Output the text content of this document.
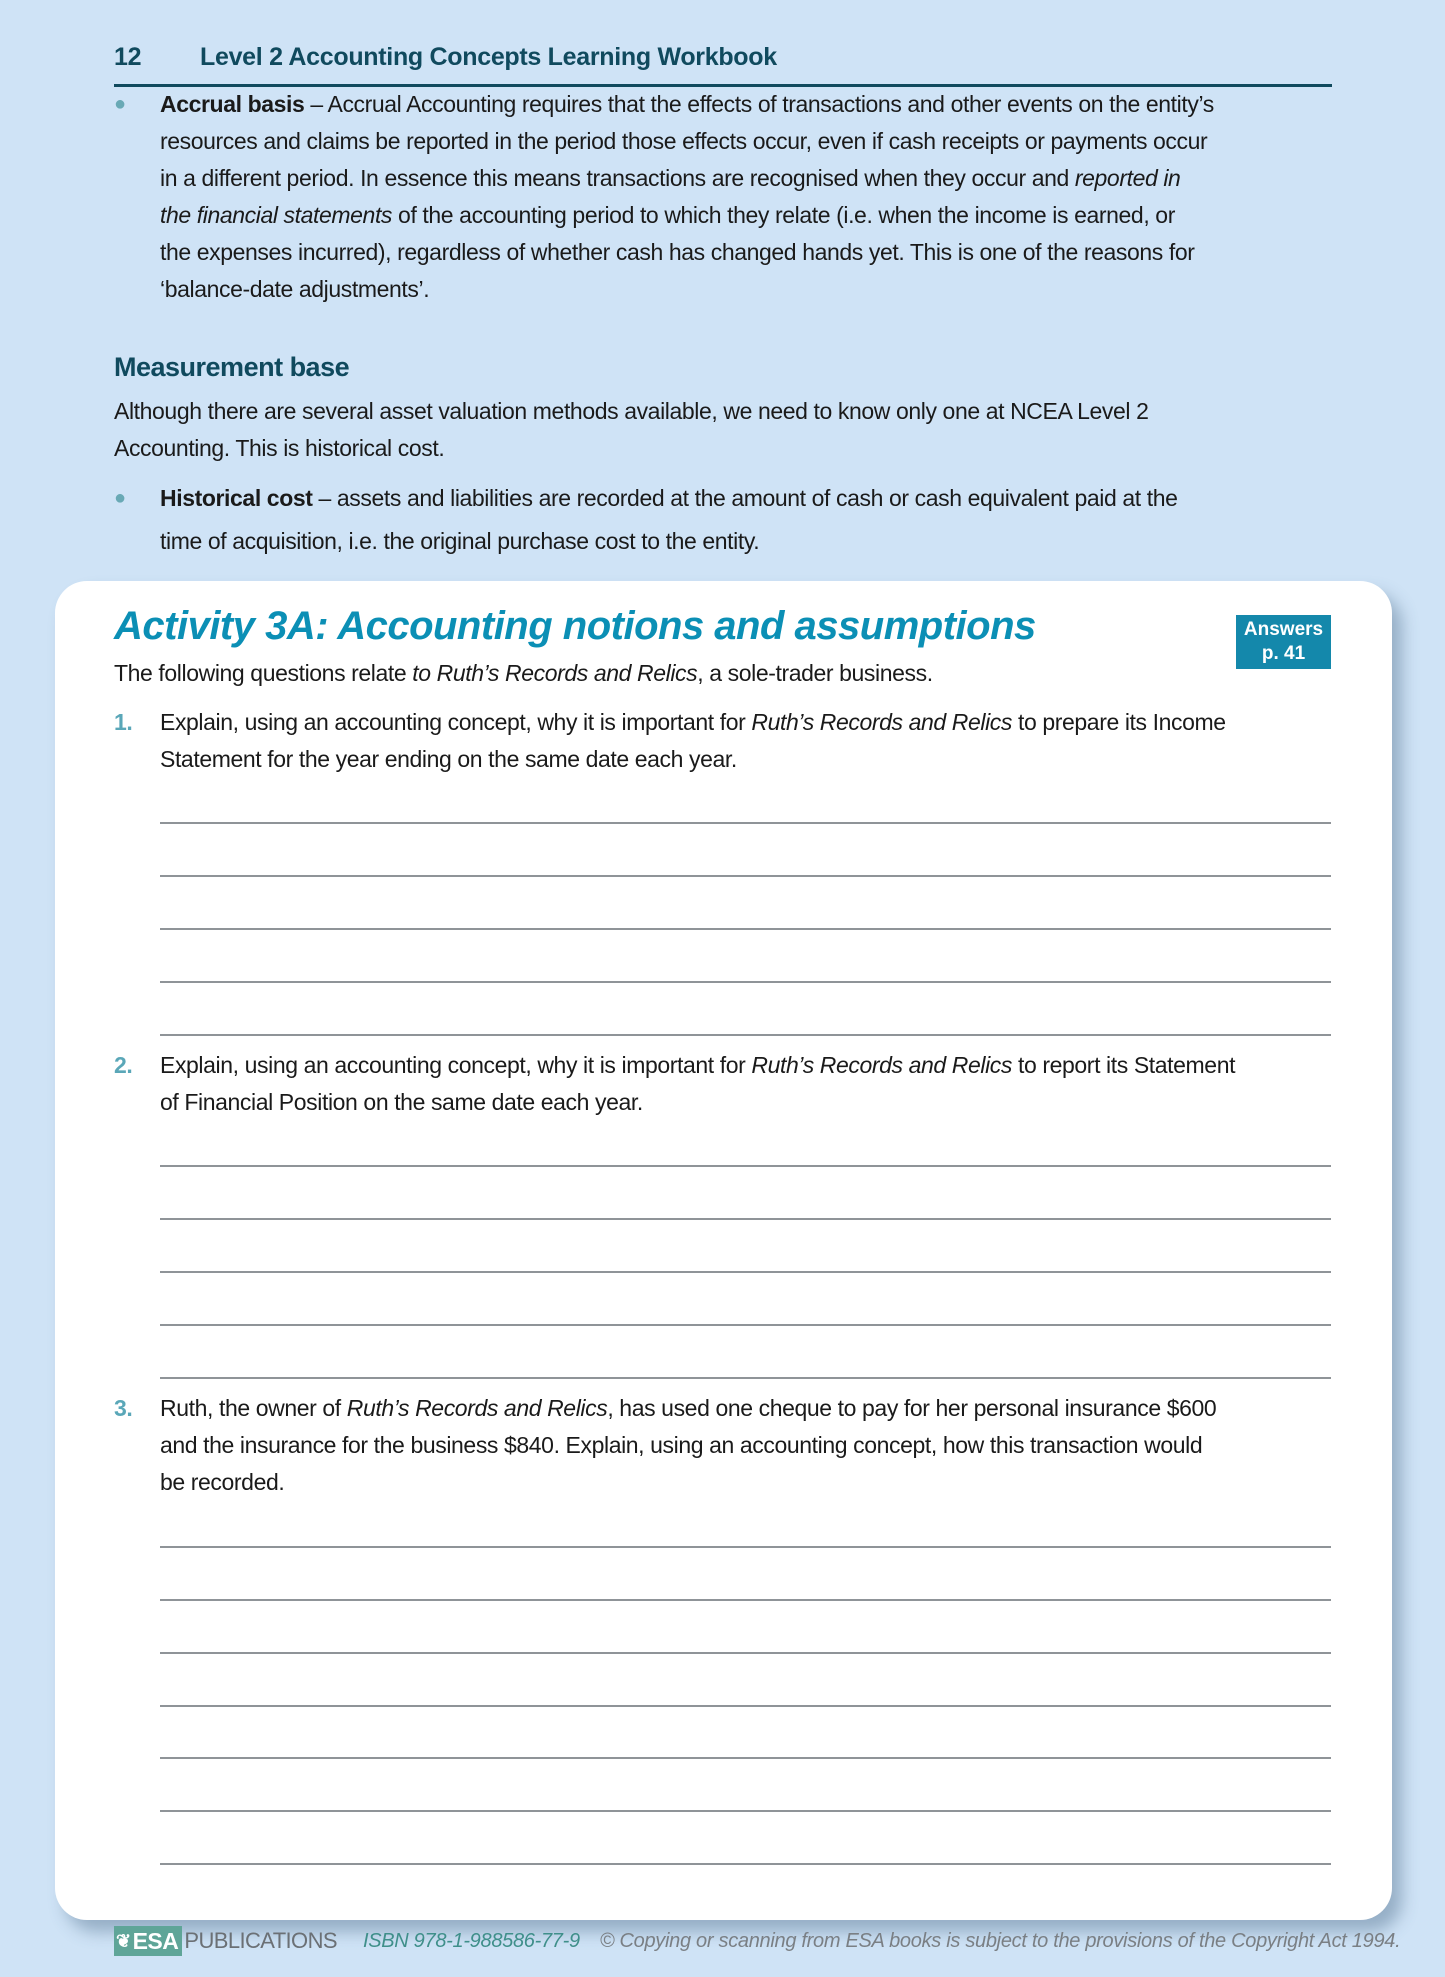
12	Level 2 Accounting Concepts Learning Workbook
●	Accrual basis – Accrual Accounting requires that the effects of transactions and other events on the entity’s
resources and claims be reported in the period those effects occur, even if cash receipts or payments occur
in a different period. In essence this means transactions are recognised when they occur and reported in
the financial statements of the accounting period to which they relate (i.e. when the income is earned, or
the expenses incurred), regardless of whether cash has changed hands yet. This is one of the reasons for
‘balance-date adjustments’.
Measurement base
Although there are several asset valuation methods available, we need to know only one at NCEA Level 2
Accounting. This is historical cost.
●	Historical cost – assets and liabilities are recorded at the amount of cash or cash equivalent paid at the
time of acquisition, i.e. the original purchase cost to the entity.
Activity 3A: Accounting notions and assumptions	Answers
p. 41
The following questions relate to Ruth’s Records and Relics, a sole-trader business.
1.	Explain, using an accounting concept, why it is important for Ruth’s Records and Relics to prepare its Income
Statement for the year ending on the same date each year.
2.	Explain, using an accounting concept, why it is important for Ruth’s Records and Relics to report its Statement
of Financial Position on the same date each year.
3.	Ruth, the owner of Ruth’s Records and Relics, has used one cheque to pay for her personal insurance $600
and the insurance for the business $840. Explain, using an accounting concept, how this transaction would
be recorded.
❦ ESA PUBLICATIONS ISBN 978-1-988586-77-9 © Copying or scanning from ESA books is subject to the provisions of the Copyright Act 1994.
